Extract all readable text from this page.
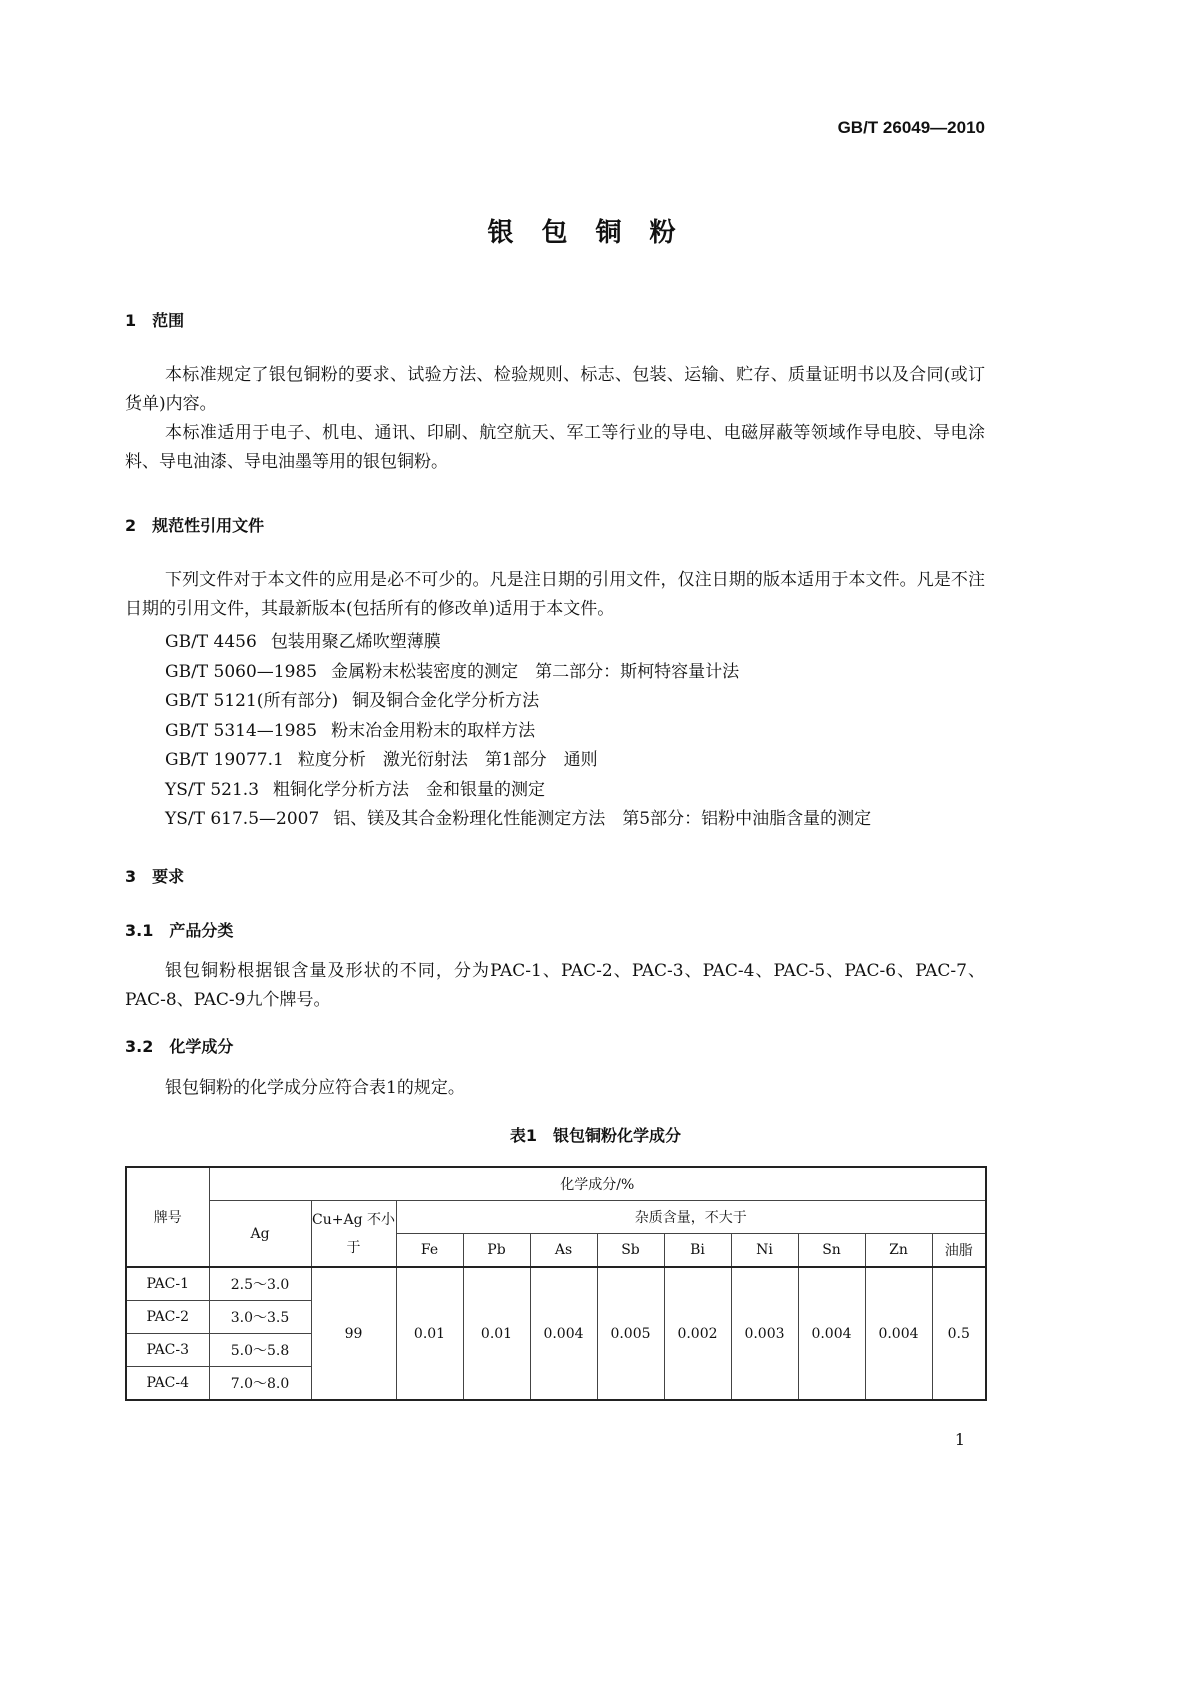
GB/T 26049—2010
银包铜粉
1　范围
本标准规定了银包铜粉的要求、试验方法、检验规则、标志、包装、运输、贮存、质量证明书以及合同(或订货单)内容。
本标准适用于电子、机电、通讯、印刷、航空航天、军工等行业的导电、电磁屏蔽等领域作导电胶、导电涂料、导电油漆、导电油墨等用的银包铜粉。
2　规范性引用文件
下列文件对于本文件的应用是必不可少的。凡是注日期的引用文件，仅注日期的版本适用于本文件。凡是不注日期的引用文件，其最新版本(包括所有的修改单)适用于本文件。
GB/T 4456 包装用聚乙烯吹塑薄膜
GB/T 5060—1985 金属粉末松装密度的测定　第二部分：斯柯特容量计法
GB/T 5121(所有部分) 铜及铜合金化学分析方法
GB/T 5314—1985 粉末冶金用粉末的取样方法
GB/T 19077.1 粒度分析　激光衍射法　第1部分　通则
YS/T 521.3 粗铜化学分析方法　金和银量的测定
YS/T 617.5—2007 铝、镁及其合金粉理化性能测定方法　第5部分：铝粉中油脂含量的测定
3　要求
3.1　产品分类
银包铜粉根据银含量及形状的不同，分为PAC-1、PAC-2、PAC-3、PAC-4、PAC-5、PAC-6、PAC-7、PAC-8、PAC-9九个牌号。
3.2　化学成分
银包铜粉的化学成分应符合表1的规定。
表1　银包铜粉化学成分
牌号	化学成分/%										
	Ag	Cu+Ag 不小于	杂质含量，不大于								
			Fe	Pb	As	Sb	Bi	Ni	Sn	Zn	油脂
PAC-1	2.5～3.0	99	0.01	0.01	0.004	0.005	0.002	0.003	0.004	0.004	0.5
PAC-2	3.0～3.5										
PAC-3	5.0～5.8										
PAC-4	7.0～8.0										
1
